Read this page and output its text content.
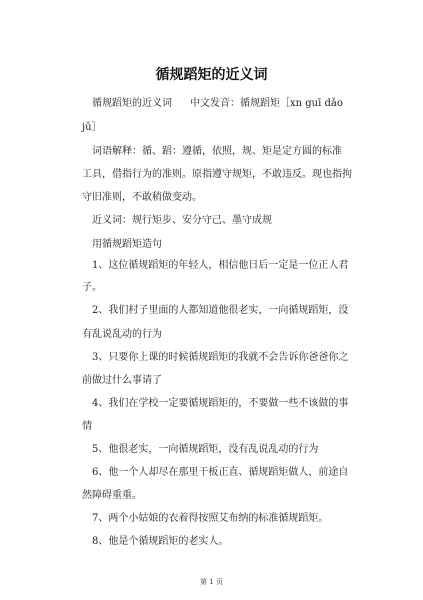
循规蹈矩的近义词
循规蹈矩的近义词 中文发音：循规蹈矩［xn guī dǎo
jǔ］
词语解释：循、蹈：遵循，依照，规、矩是定方圆的标准
工具，借指行为的准则。原指遵守规矩，不敢违反。现也指拘
守旧准则，不敢稍做变动。
近义词：规行矩步、安分守己、墨守成规
用循规蹈矩造句
1、这位循规蹈矩的年轻人，相信他日后一定是一位正人君
子。
2、我们村子里面的人都知道他很老实，一向循规蹈矩，没
有乱说乱动的行为
3、只要你上课的时候循规蹈矩的我就不会告诉你爸爸你之
前做过什么事请了
4、我们在学校一定要循规蹈矩的，不要做一些不该做的事
情
5、他很老实，一向循规蹈矩，没有乱说乱动的行为
6、他一个人却尽在那里干板正直、循规蹈矩做人，前途自
然障碍重重。
7、两个小姑娘的衣着得按照艾布纳的标准循规蹈矩。
8、他是个循规蹈矩的老实人。
第 1 页
